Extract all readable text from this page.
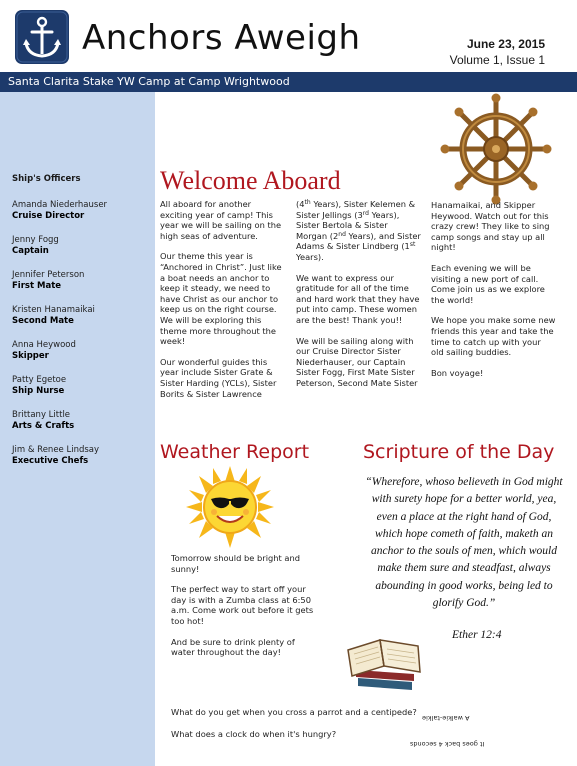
Santa Clarita Stake YW Camp at Camp Wrightwood
Anchors Aweigh	June 23, 2015
Volume 1, Issue 1
Ship's Officers
Amanda Niederhauser
Cruise Director
Jenny Fogg
Captain
Jennifer Peterson
First Mate
Kristen Hanamaikai
Second Mate
Anna Heywood
Skipper
Patty Egetoe
Ship Nurse
Brittany Little
Arts & Crafts
Jim & Renee Lindsay
Executive Chefs
Welcome Aboard

All aboard for another exciting year of camp! This year we will be sailing on the high seas of adventure.

Our theme this year is “Anchored in Christ”. Just like a boat needs an anchor to keep it steady, we need to have Christ as our anchor to keep us on the right course. We will be exploring this theme more throughout the week!

Our wonderful guides this year include Sister Grate & Sister Harding (YCLs), Sister Borits & Sister Lawrence

(4th Years), Sister Kelemen & Sister Jellings (3rd Years), Sister Bertola & Sister Morgan (2nd Years), and Sister Adams & Sister Lindberg (1st Years).

We want to express our gratitude for all of the time and hard work that they have put into camp. These women are the best! Thank you!!

We will be sailing along with our Cruise Director Sister Niederhauser, our Captain Sister Fogg, First Mate Sister Peterson, Second Mate Sister

Hanamaikai, and Skipper Heywood. Watch out for this crazy crew! They like to sing camp songs and stay up all night!

Each evening we will be visiting a new port of call. Come join us as we explore the world!

We hope you make some new friends this year and take the time to catch up with your old sailing buddies.

Bon voyage!

Weather Report

Tomorrow should be bright and sunny!

The perfect way to start off your day is with a Zumba class at 6:50 a.m. Come work out before it gets too hot!

And be sure to drink plenty of water throughout the day!

Scripture of the Day
“Wherefore, whoso believeth in God might with surety hope for a better world, yea, even a place at the right hand of God, which hope cometh of faith, maketh an anchor to the souls of men, which would make them sure and steadfast, always abounding in good works, being led to glorify God.”
Ether 12:4
What do you get when you cross a parrot and a centipede?
A walkie-talkie
What does a clock do when it's hungry?
It goes back 4 seconds
